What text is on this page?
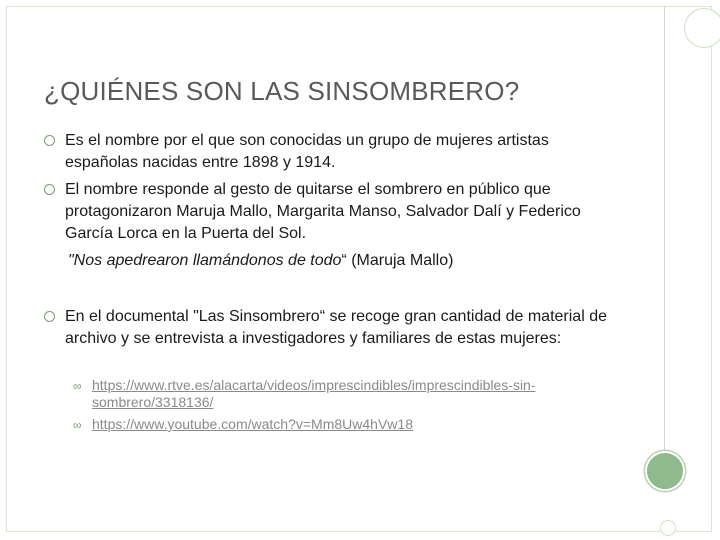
¿QUIÉNES SON LAS SINSOMBRERO?
Es el nombre por el que son conocidas un grupo de mujeres artistas españolas nacidas entre 1898 y 1914.
El nombre responde al gesto de quitarse el sombrero en público que protagonizaron Maruja Mallo, Margarita Manso, Salvador Dalí y Federico García Lorca en la Puerta del Sol.
"Nos apedrearon llamándonos de todo“ (Maruja Mallo)
En el documental "Las Sinsombrero“ se recoge gran cantidad de material de archivo y se entrevista a investigadores y familiares de estas mujeres:
∞ https://www.rtve.es/alacarta/videos/imprescindibles/imprescindibles-sin-sombrero/3318136/
∞ https://www.youtube.com/watch?v=Mm8Uw4hVw18
